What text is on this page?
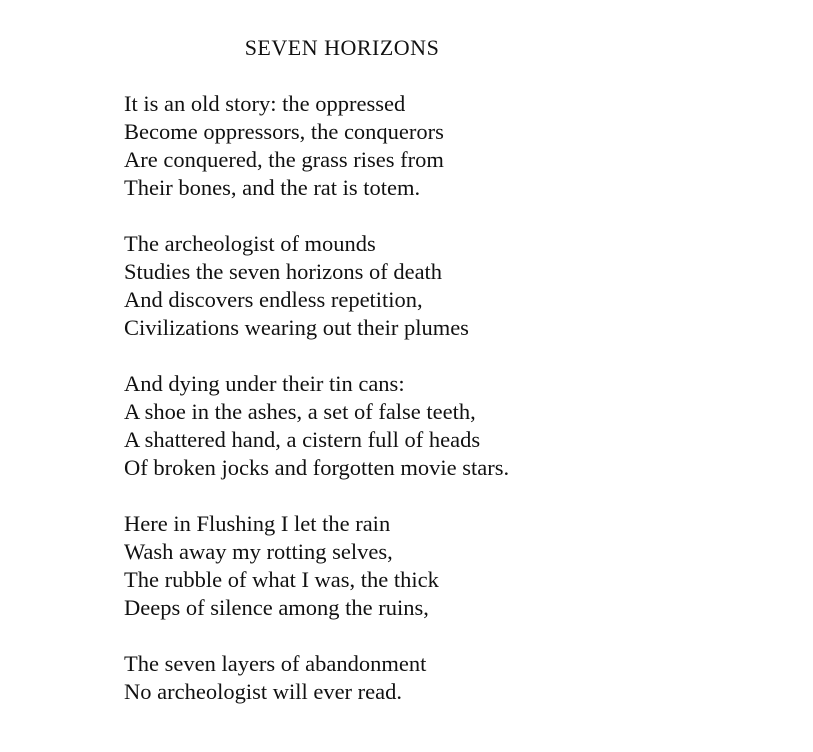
SEVEN HORIZONS
It is an old story: the oppressed
Become oppressors, the conquerors
Are conquered, the grass rises from
Their bones, and the rat is totem.
The archeologist of mounds
Studies the seven horizons of death
And discovers endless repetition,
Civilizations wearing out their plumes
And dying under their tin cans:
A shoe in the ashes, a set of false teeth,
A shattered hand, a cistern full of heads
Of broken jocks and forgotten movie stars.
Here in Flushing I let the rain
Wash away my rotting selves,
The rubble of what I was, the thick
Deeps of silence among the ruins,
The seven layers of abandonment
No archeologist will ever read.
